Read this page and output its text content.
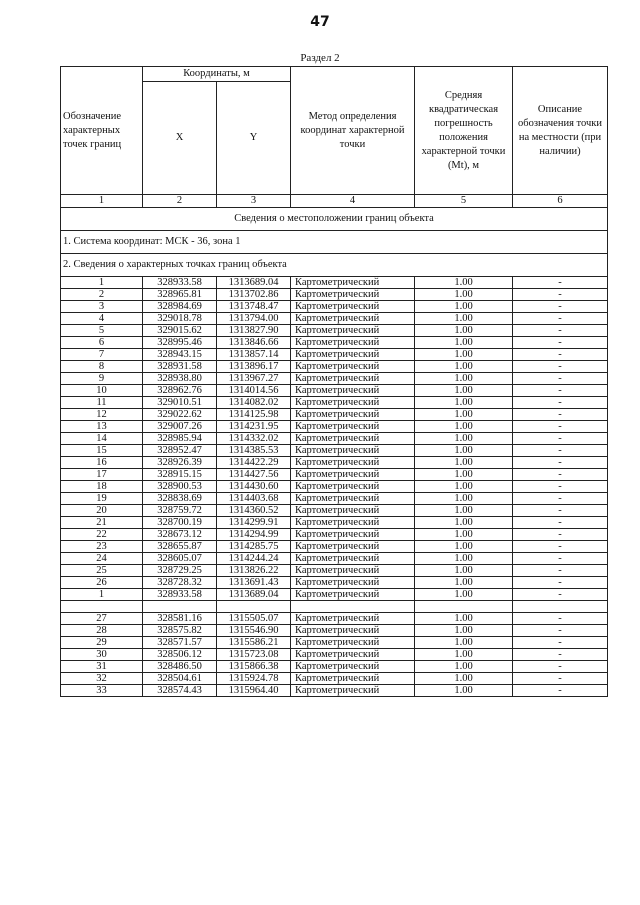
47
Раздел 2
Сведения о местоположении границ объекта					
1. Система координат: МСК - 36, зона 1					
2. Сведения о характерных точках границ объекта					
Обозначение характерных точек границ	Координаты, м		Метод определения координат характерной точки	Средняя квадратическая погрешность положения характерной точки (Mt), м	Описание обозначения точки на местности (при наличии)
	X	Y			
1	2	3	4	5	6
1	328933.58	1313689.04	Картометрический	1.00	-
2	328965.81	1313702.86	Картометрический	1.00	-
3	328984.69	1313748.47	Картометрический	1.00	-
4	329018.78	1313794.00	Картометрический	1.00	-
5	329015.62	1313827.90	Картометрический	1.00	-
6	328995.46	1313846.66	Картометрический	1.00	-
7	328943.15	1313857.14	Картометрический	1.00	-
8	328931.58	1313896.17	Картометрический	1.00	-
9	328938.80	1313967.27	Картометрический	1.00	-
10	328962.76	1314014.56	Картометрический	1.00	-
11	329010.51	1314082.02	Картометрический	1.00	-
12	329022.62	1314125.98	Картометрический	1.00	-
13	329007.26	1314231.95	Картометрический	1.00	-
14	328985.94	1314332.02	Картометрический	1.00	-
15	328952.47	1314385.53	Картометрический	1.00	-
16	328926.39	1314422.29	Картометрический	1.00	-
17	328915.15	1314427.56	Картометрический	1.00	-
18	328900.53	1314430.60	Картометрический	1.00	-
19	328838.69	1314403.68	Картометрический	1.00	-
20	328759.72	1314360.52	Картометрический	1.00	-
21	328700.19	1314299.91	Картометрический	1.00	-
22	328673.12	1314294.99	Картометрический	1.00	-
23	328655.87	1314285.75	Картометрический	1.00	-
24	328605.07	1314244.24	Картометрический	1.00	-
25	328729.25	1313826.22	Картометрический	1.00	-
26	328728.32	1313691.43	Картометрический	1.00	-
1	328933.58	1313689.04	Картометрический	1.00	-

27	328581.16	1315505.07	Картометрический	1.00	-
28	328575.82	1315546.90	Картометрический	1.00	-
29	328571.57	1315586.21	Картометрический	1.00	-
30	328506.12	1315723.08	Картометрический	1.00	-
31	328486.50	1315866.38	Картометрический	1.00	-
32	328504.61	1315924.78	Картометрический	1.00	-
33	328574.43	1315964.40	Картометрический	1.00	-
